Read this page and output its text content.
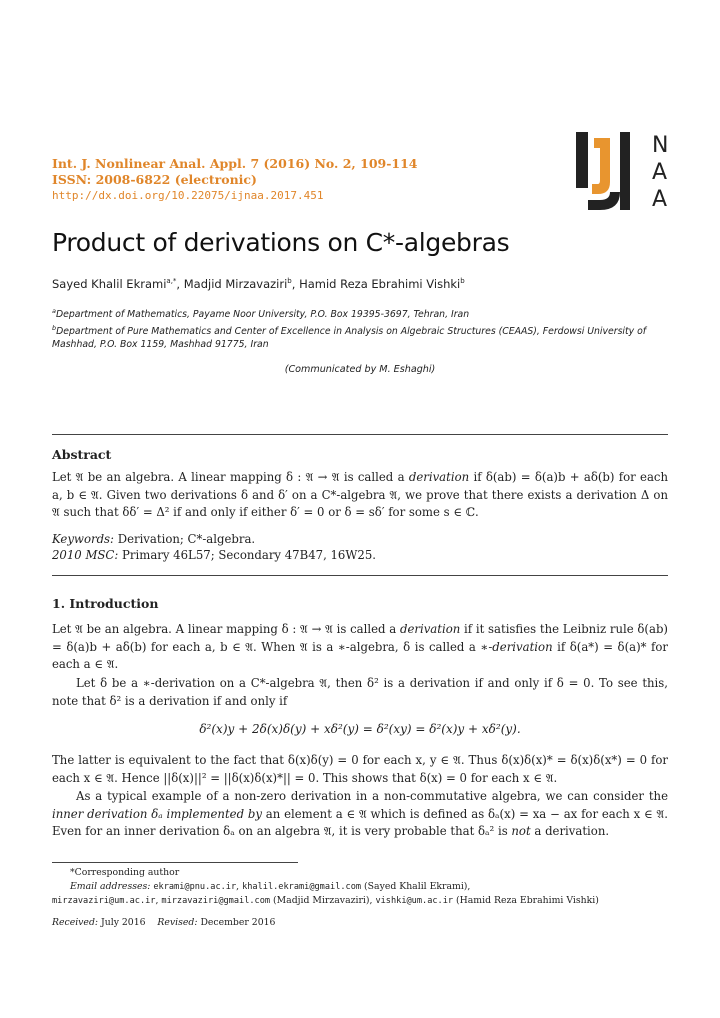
Int. J. Nonlinear Anal. Appl. 7 (2016) No. 2, 109-114
ISSN: 2008-6822 (electronic)
http://dx.doi.org/10.22075/ijnaa.2017.451
N
A
A
Product of derivations on C*-algebras
Sayed Khalil Ekrami$^{a,*}$, Madjid Mirzavaziri$^b$, Hamid Reza Ebrahimi Vishki$^b$
$^a$Department of Mathematics, Payame Noor University, P.O. Box 19395-3697, Tehran, Iran
$^b$Department of Pure Mathematics and Center of Excellence in Analysis on Algebraic Structures (CEAAS), Ferdowsi University of Mashhad, P.O. Box 1159, Mashhad 91775, Iran
(Communicated by M. Eshaghi)
Abstract
Let 𝔄 be an algebra. A linear mapping δ : 𝔄 → 𝔄 is called a derivation if δ(ab) = δ(a)b + aδ(b) for each a, b ∈ 𝔄. Given two derivations δ and δ′ on a C*-algebra 𝔄, we prove that there exists a derivation Δ on 𝔄 such that δδ′ = Δ² if and only if either δ′ = 0 or δ = sδ′ for some s ∈ ℂ.
Keywords: Derivation; C*-algebra.
2010 MSC: Primary 46L57; Secondary 47B47, 16W25.
1. Introduction
Let 𝔄 be an algebra. A linear mapping δ : 𝔄 → 𝔄 is called a derivation if it satisfies the Leibniz rule δ(ab) = δ(a)b + aδ(b) for each a, b ∈ 𝔄. When 𝔄 is a ∗-algebra, δ is called a ∗-derivation if δ(a*) = δ(a)* for each a ∈ 𝔄.
Let δ be a ∗-derivation on a C*-algebra 𝔄, then δ² is a derivation if and only if δ = 0. To see this, note that δ² is a derivation if and only if
δ²(x)y + 2δ(x)δ(y) + xδ²(y) = δ²(xy) = δ²(x)y + xδ²(y).
The latter is equivalent to the fact that δ(x)δ(y) = 0 for each x, y ∈ 𝔄. Thus δ(x)δ(x)* = δ(x)δ(x*) = 0 for each x ∈ 𝔄. Hence ||δ(x)||² = ||δ(x)δ(x)*|| = 0. This shows that δ(x) = 0 for each x ∈ 𝔄.
As a typical example of a non-zero derivation in a non-commutative algebra, we can consider the inner derivation δₐ implemented by an element a ∈ 𝔄 which is defined as δₐ(x) = xa − ax for each x ∈ 𝔄. Even for an inner derivation δₐ on an algebra 𝔄, it is very probable that δₐ² is not a derivation.
*Corresponding author
Email addresses: ekrami@pnu.ac.ir, khalil.ekrami@gmail.com (Sayed Khalil Ekrami),
mirzavaziri@um.ac.ir, mirzavaziri@gmail.com (Madjid Mirzavaziri), vishki@um.ac.ir (Hamid Reza Ebrahimi Vishki)
Received: July 2016 Revised: December 2016
